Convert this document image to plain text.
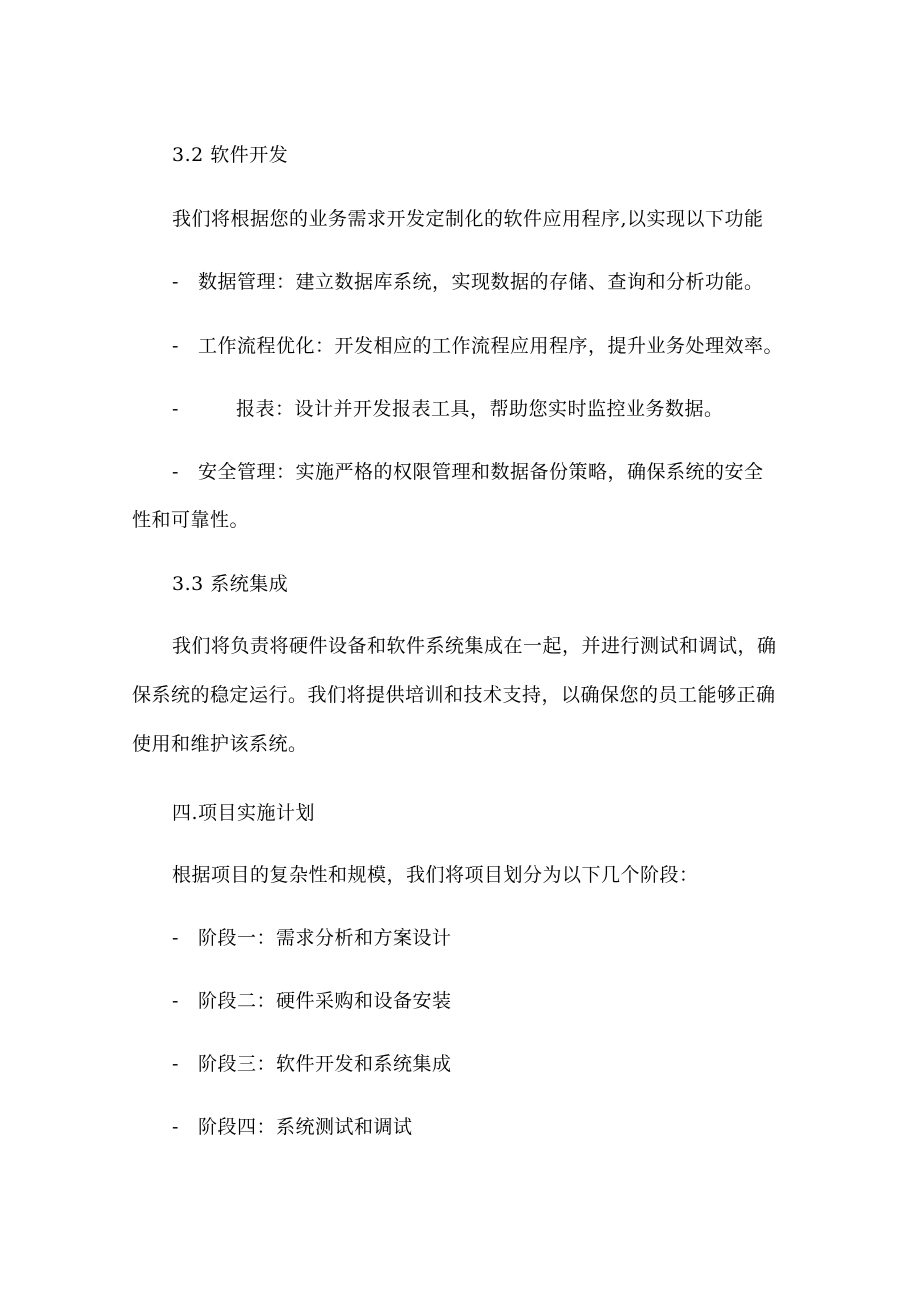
3.2 软件开发
我们将根据您的业务需求开发定制化的软件应用程序,以实现以下功能
- 数据管理：建立数据库系统，实现数据的存储、查询和分析功能。
- 工作流程优化：开发相应的工作流程应用程序，提升业务处理效率。
-	报表：设计并开发报表工具，帮助您实时监控业务数据。
- 安全管理：实施严格的权限管理和数据备份策略，确保系统的安全
性和可靠性。
3.3 系统集成
我们将负责将硬件设备和软件系统集成在一起，并进行测试和调试，确
保系统的稳定运行。我们将提供培训和技术支持，以确保您的员工能够正确
使用和维护该系统。
四.项目实施计划
根据项目的复杂性和规模，我们将项目划分为以下几个阶段：
- 阶段一：需求分析和方案设计
- 阶段二：硬件采购和设备安装
- 阶段三：软件开发和系统集成
- 阶段四：系统测试和调试
